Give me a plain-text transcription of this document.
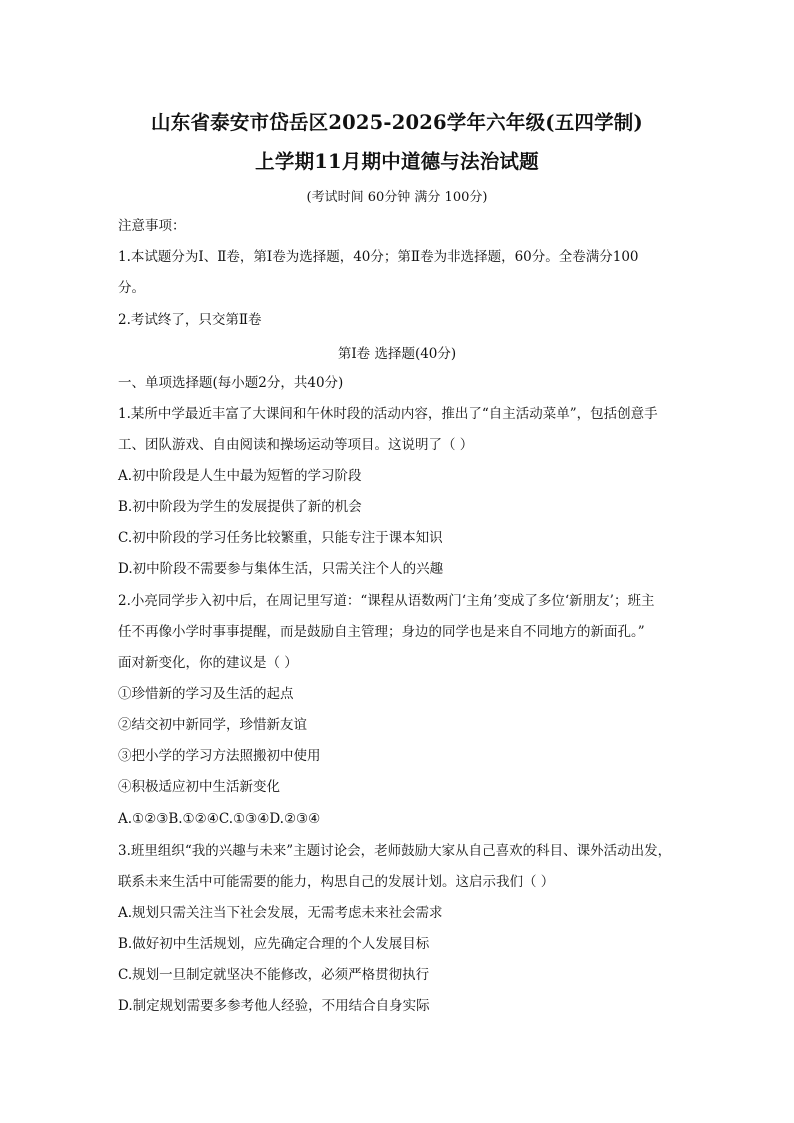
山东省泰安市岱岳区2025-2026学年六年级(五四学制)
上学期11月期中道德与法治试题
(考试时间 60分钟 满分 100分)
注意事项：
1.本试题分为Ⅰ、Ⅱ卷，第Ⅰ卷为选择题，40分；第Ⅱ卷为非选择题，60分。全卷满分100
分。
2.考试终了，只交第Ⅱ卷
第Ⅰ卷 选择题(40分)
一、单项选择题(每小题2分，共40分)
1.某所中学最近丰富了大课间和午休时段的活动内容，推出了“自主活动菜单”，包括创意手
工、团队游戏、自由阅读和操场运动等项目。这说明了（ ）
A.初中阶段是人生中最为短暂的学习阶段
B.初中阶段为学生的发展提供了新的机会
C.初中阶段的学习任务比较繁重，只能专注于课本知识
D.初中阶段不需要参与集体生活，只需关注个人的兴趣
2.小亮同学步入初中后，在周记里写道：“课程从语数两门‘主角’变成了多位‘新朋友’；班主
任不再像小学时事事提醒，而是鼓励自主管理；身边的同学也是来自不同地方的新面孔。”
面对新变化，你的建议是（ ）
①珍惜新的学习及生活的起点
②结交初中新同学，珍惜新友谊
③把小学的学习方法照搬初中使用
④积极适应初中生活新变化
A.①②③B.①②④C.①③④D.②③④
3.班里组织“我的兴趣与未来”主题讨论会，老师鼓励大家从自己喜欢的科目、课外活动出发，
联系未来生活中可能需要的能力，构思自己的发展计划。这启示我们（ ）
A.规划只需关注当下社会发展，无需考虑未来社会需求
B.做好初中生活规划，应先确定合理的个人发展目标
C.规划一旦制定就坚决不能修改，必须严格贯彻执行
D.制定规划需要多参考他人经验，不用结合自身实际
